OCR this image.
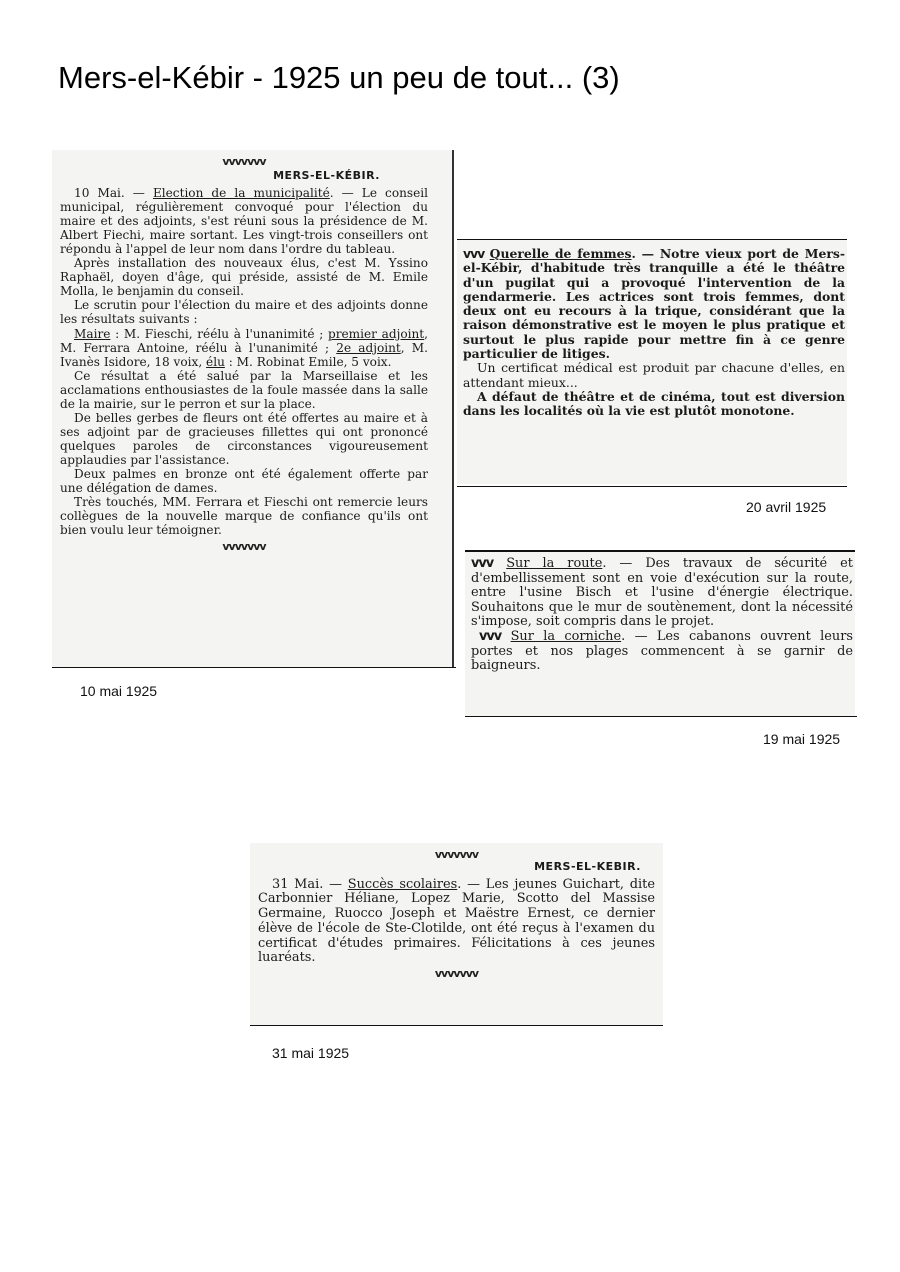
Mers-el-Kébir - 1925 un peu de tout... (3)
vvvvvvv
MERS-EL-KÉBIR.

10 Mai. — Election de la municipalité. — Le conseil municipal, régulièrement convoqué pour l'élection du maire et des adjoints, s'est réuni sous la présidence de M. Albert Fiechi, maire sortant. Les vingt-trois conseillers ont répondu à l'appel de leur nom dans l'ordre du tableau.

Après installation des nouveaux élus, c'est M. Yssino Raphaël, doyen d'âge, qui préside, assisté de M. Emile Molla, le benjamin du conseil.

Le scrutin pour l'élection du maire et des adjoints donne les résultats suivants :

Maire : M. Fieschi, réélu à l'unanimité ; premier adjoint, M. Ferrara Antoine, réélu à l'unanimité ; 2e adjoint, M. Ivanès Isidore, 18 voix, élu : M. Robinat Emile, 5 voix.

Ce résultat a été salué par la Marseillaise et les acclamations enthousiastes de la foule massée dans la salle de la mairie, sur le perron et sur la place.

De belles gerbes de fleurs ont été offertes au maire et à ses adjoint par de gracieuses fillettes qui ont prononcé quelques paroles de circonstances vigoureusement applaudies par l'assistance.

Deux palmes en bronze ont été également offerte par une délégation de dames.

Très touchés, MM. Ferrara et Fieschi ont remercie leurs collègues de la nouvelle marque de confiance qu'ils ont bien voulu leur témoigner.

vvvvvvv
10 mai 1925

vvv Querelle de femmes. — Notre vieux port de Mers-el-Kébir, d'habitude très tranquille a été le théâtre d'un pugilat qui a provoqué l'intervention de la gendarmerie. Les actrices sont trois femmes, dont deux ont eu recours à la trique, considérant que la raison démonstrative est le moyen le plus pratique et surtout le plus rapide pour mettre fin à ce genre particulier de litiges.

Un certificat médical est produit par chacune d'elles, en attendant mieux...

A défaut de théâtre et de cinéma, tout est diversion dans les localités où la vie est plutôt monotone.

20 avril 1925

vvv Sur la route. — Des travaux de sécurité et d'embellissement sont en voie d'exécution sur la route, entre l'usine Bisch et l'usine d'énergie électrique. Souhaitons que le mur de soutènement, dont la nécessité s'impose, soit compris dans le projet.

vvv Sur la corniche. — Les cabanons ouvrent leurs portes et nos plages commencent à se garnir de baigneurs.

19 mai 1925
vvvvvvv
MERS-EL-KEBIR.

31 Mai. — Succès scolaires. — Les jeunes Guichart, dite Carbonnier Héliane, Lopez Marie, Scotto del Massise Germaine, Ruocco Joseph et Maëstre Ernest, ce dernier élève de l'école de Ste-Clotilde, ont été reçus à l'examen du certificat d'études primaires. Félicitations à ces jeunes luaréats.

vvvvvvv
31 mai 1925
